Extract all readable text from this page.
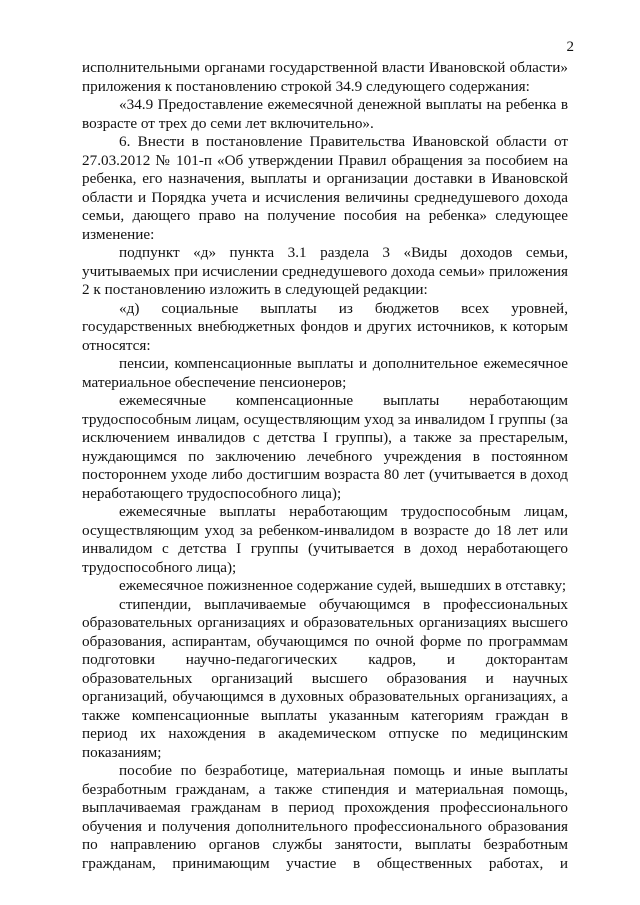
2

исполнительными органами государственной власти Ивановской области» приложения к постановлению строкой 34.9 следующего содержания:

«34.9 Предоставление ежемесячной денежной выплаты на ребенка в возрасте от трех до семи лет включительно».

6. Внести в постановление Правительства Ивановской области от 27.03.2012 № 101-п «Об утверждении Правил обращения за пособием на ребенка, его назначения, выплаты и организации доставки в Ивановской области и Порядка учета и исчисления величины среднедушевого дохода семьи, дающего право на получение пособия на ребенка» следующее изменение:

подпункт «д» пункта 3.1 раздела 3 «Виды доходов семьи, учитываемых при исчислении среднедушевого дохода семьи» приложения 2 к постановлению изложить в следующей редакции:

«д) социальные выплаты из бюджетов всех уровней, государственных внебюджетных фондов и других источников, к которым относятся:

пенсии, компенсационные выплаты и дополнительное ежемесячное материальное обеспечение пенсионеров;

ежемесячные компенсационные выплаты неработающим трудоспособным лицам, осуществляющим уход за инвалидом I группы (за исключением инвалидов с детства I группы), а также за престарелым, нуждающимся по заключению лечебного учреждения в постоянном постороннем уходе либо достигшим возраста 80 лет (учитывается в доход неработающего трудоспособного лица);

ежемесячные выплаты неработающим трудоспособным лицам, осуществляющим уход за ребенком-инвалидом в возрасте до 18 лет или инвалидом с детства I группы (учитывается в доход неработающего трудоспособного лица);

ежемесячное пожизненное содержание судей, вышедших в отставку;

стипендии, выплачиваемые обучающимся в профессиональных образовательных организациях и образовательных организациях высшего образования, аспирантам, обучающимся по очной форме по программам подготовки научно-педагогических кадров, и докторантам образовательных организаций высшего образования и научных организаций, обучающимся в духовных образовательных организациях, а также компенсационные выплаты указанным категориям граждан в период их нахождения в академическом отпуске по медицинским показаниям;

пособие по безработице, материальная помощь и иные выплаты безработным гражданам, а также стипендия и материальная помощь, выплачиваемая гражданам в период прохождения профессионального обучения и получения дополнительного профессионального образования по направлению органов службы занятости, выплаты безработным гражданам, принимающим участие в общественных работах, и
